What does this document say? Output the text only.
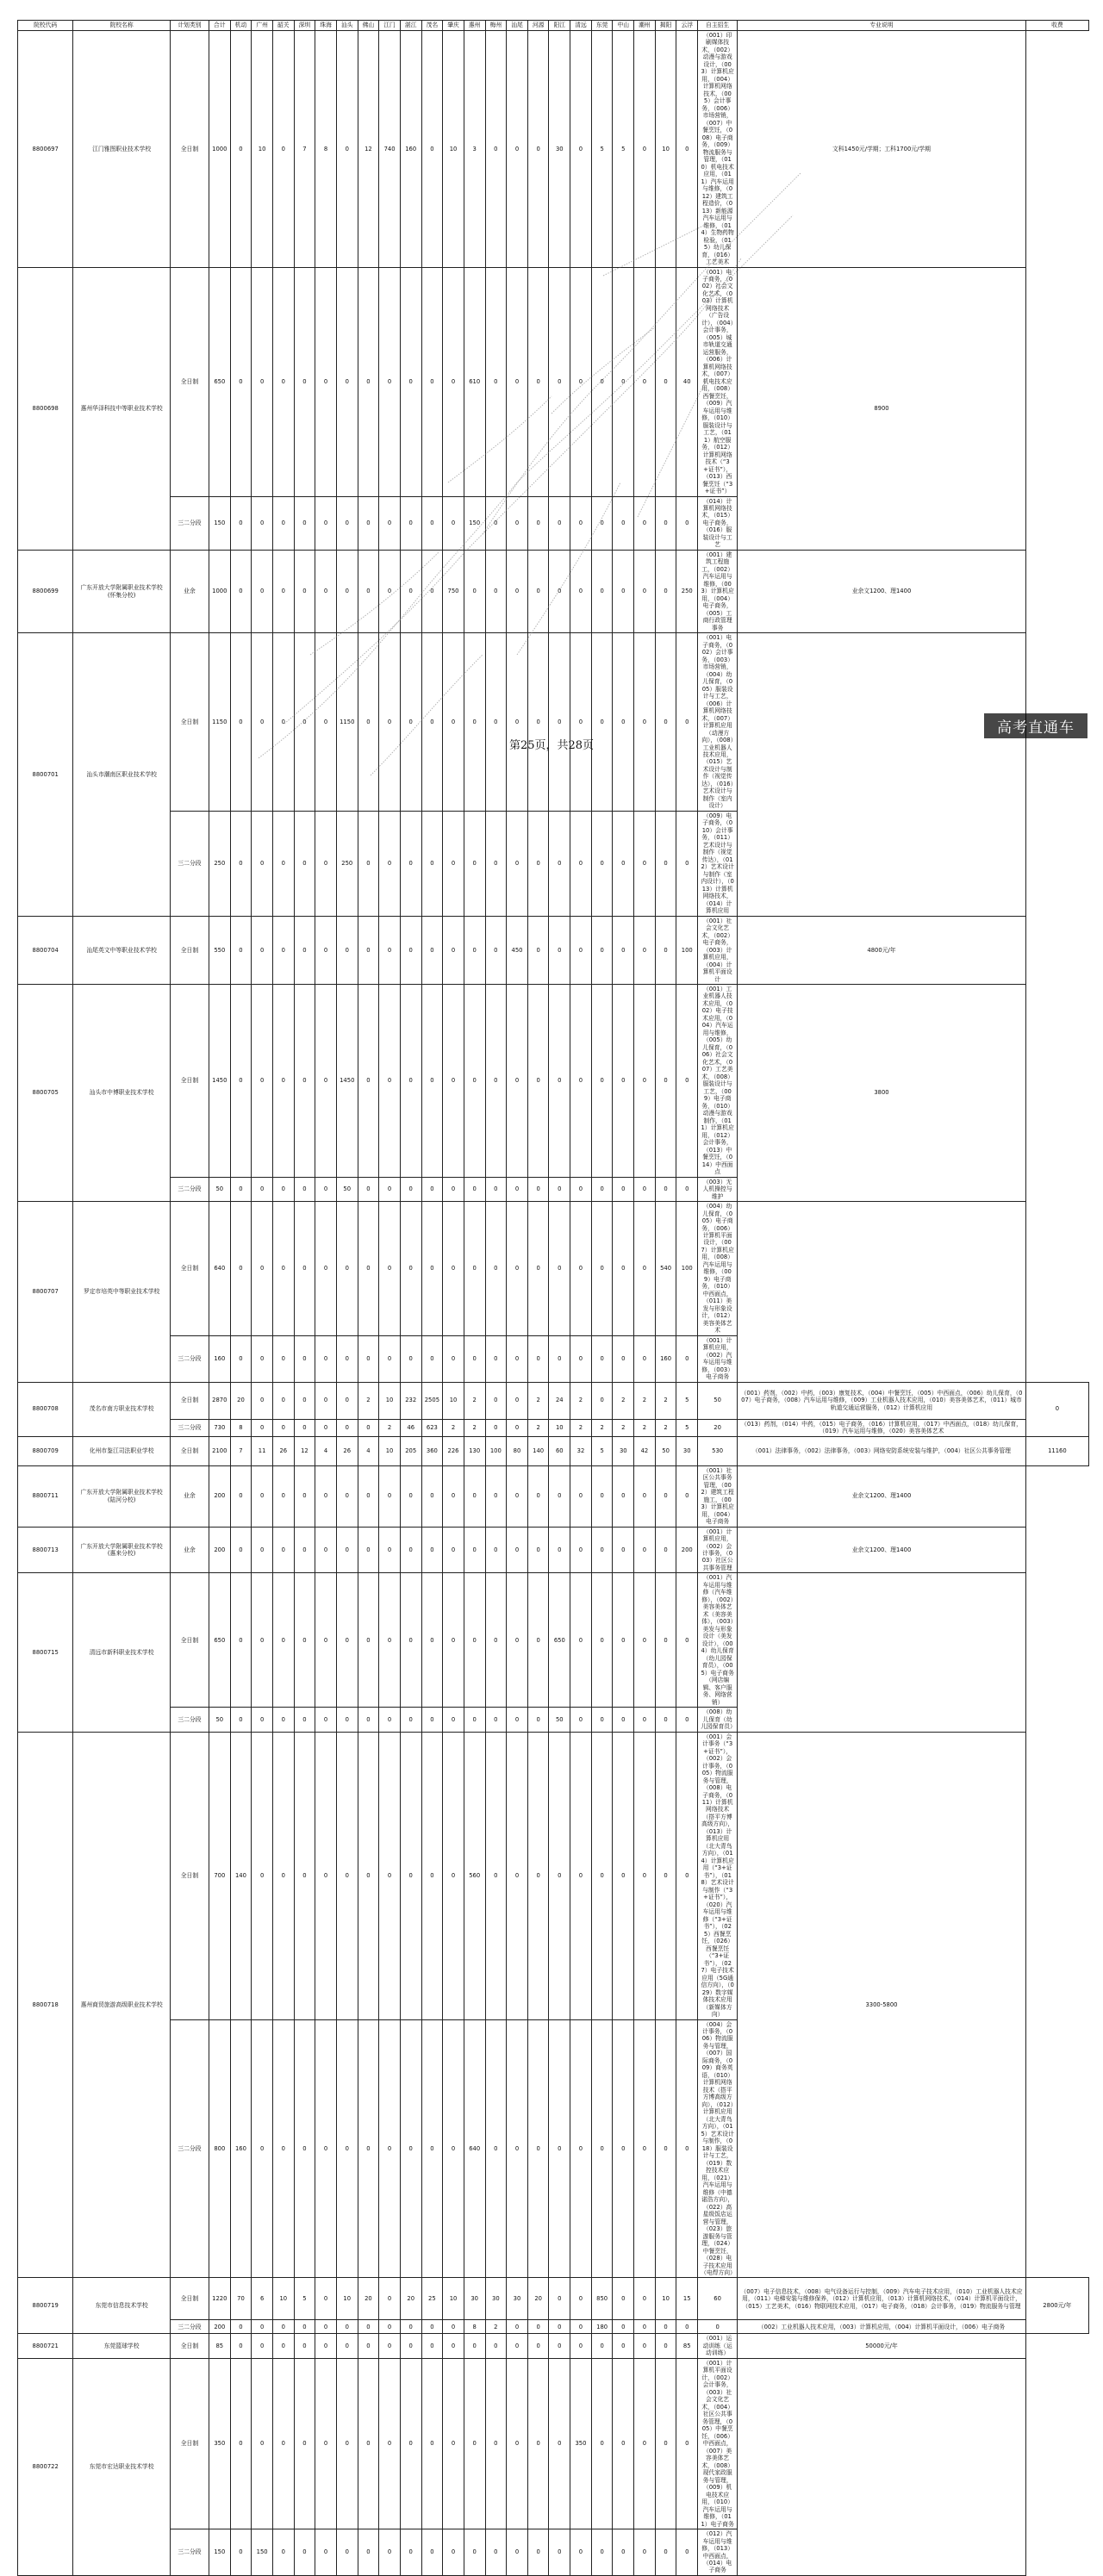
院校代码	院校名称	计划类别	合计	机动	广州	韶关	深圳	珠海	汕头	佛山	江门	湛江	茂名	肇庆	惠州	梅州	汕尾	河源	阳江	清远	东莞	中山	潮州	揭阳	云浮	自主招生	专业说明	收费
8800697	江门雅图职业技术学校	全日制	1000	0	10	0	7	8	0	12	740	160	0	10	3	0	0	0	30	0	5	5	0	10	0	（001）印刷媒体技术，（002）动漫与游戏设计，（003）计算机应用，（004）计算机网络技术，（005）会计事务，（006）市场营销，（007）中餐烹饪，（008）电子商务，（009）物流服务与管理，（010）机电技术应用，（011）汽车运用与维修，（012）建筑工程造价，（013）新能源汽车运用与维修，（014）生物药物检验，（015）幼儿保育，（016）工艺美术	文科1450元/学期；工科1700元/学期	
8800698	惠州华泽科技中等职业技术学校	全日制	650	0	0	0	0	0	0	0	0	0	0	0	610	0	0	0	0	0	0	0	0	0	40	（001）电子商务，（002）社会文化艺术，（003）计算机网络技术（广告设计），（004）会计事务，（005）城市轨道交通运营服务，（006）计算机网络技术，（007）机电技术应用，（008）西餐烹饪，（009）汽车运用与维修，（010）服装设计与工艺，（011）航空服务，（012）计算机网络技术（“3+证书”），（013）西餐烹饪（“3+证书”）	8900	
		三二分段	150	0	0	0	0	0	0	0	0	0	0	0	150	0	0	0	0	0	0	0	0	0	0	（014）计算机网络技术，（015）电子商务，（016）服装设计与工艺		
8800699	广东开放大学附属职业技术学校(怀集分校)	业余	1000	0	0	0	0	0	0	0	0	0	0	750	0	0	0	0	0	0	0	0	0	0	250	（001）建筑工程施工，（002）汽车运用与维修，（003）计算机应用，（004）电子商务，（005）工商行政管理事务	业余文1200、理1400	
8800701	汕头市潮南区职业技术学校	全日制	1150	0	0	0	0	0	1150	0	0	0	0	0	0	0	0	0	0	0	0	0	0	0	0	（001）电子商务，（002）会计事务，（003）市场营销，（004）幼儿保育，（005）服装设计与工艺，（006）计算机网络技术，（007）计算机应用（动漫方向），（008）工业机器人技术应用，（015）艺术设计与制作（视觉传达），（016）艺术设计与制作（室内设计）		
		三二分段	250	0	0	0	0	0	250	0	0	0	0	0	0	0	0	0	0	0	0	0	0	0	0	（009）电子商务，（010）会计事务，（011）艺术设计与制作（视觉传达），（012）艺术设计与制作（室内设计），（013）计算机网络技术，（014）计算机应用		
8800704	汕尾英文中等职业技术学校	全日制	550	0	0	0	0	0	0	0	0	0	0	0	0	0	450	0	0	0	0	0	0	0	100	（001）社会文化艺术，（002）电子商务，（003）计算机应用，（004）计算机平面设计	4800元/年	
8800705	汕头市中博职业技术学校	全日制	1450	0	0	0	0	0	1450	0	0	0	0	0	0	0	0	0	0	0	0	0	0	0	0	（001）工业机器人技术应用，（002）电子技术应用，（004）汽车运用与维修，（005）幼儿保育，（006）社会文化艺术，（007）工艺美术，（008）服装设计与工艺，（009）电子商务，（010）动漫与游戏制作，（011）计算机应用，（012）会计事务，（013）中餐烹饪，（014）中西面点	3800	
		三二分段	50	0	0	0	0	0	50	0	0	0	0	0	0	0	0	0	0	0	0	0	0	0	0	（003）无人机操控与维护		
8800707	罗定市培英中等职业技术学校	全日制	640	0	0	0	0	0	0	0	0	0	0	0	0	0	0	0	0	0	0	0	0	540	100	（004）幼儿保育，（005）电子商务，（006）计算机平面设计，（007）计算机应用，（008）汽车运用与维修，（009）电子商务，（010）中西面点，（011）美发与形象设计，（012）美容美体艺术		
		三二分段	160	0	0	0	0	0	0	0	0	0	0	0	0	0	0	0	0	0	0	0	0	160	0	（001）计算机应用，（002）汽车运用与维修，（003）电子商务		
8800708	茂名市南方职业技术学校	全日制	2870	20	0	0	0	0	0	2	10	232	2505	10	2	0	0	2	24	2	0	2	2	2	5	50	（001）药剂，（002）中药，（003）康复技术，（004）中餐烹饪，（005）中西面点，（006）幼儿保育，（007）电子商务，（008）汽车运用与维修，（009）工业机器人技术应用，（010）美容美体艺术，（011）城市轨道交通运营服务，（012）计算机应用	0
		三二分段	730	8	0	0	0	0	0	0	2	46	623	2	2	0	0	2	10	2	2	2	2	2	5	20	（013）药剂，（014）中药，（015）电子商务，（016）计算机应用，（017）中西面点，（018）幼儿保育，（019）汽车运用与维修，（020）美容美体艺术	
8800709	化州市鉴江司法职业学校	全日制	2100	7	11	26	12	4	26	4	10	205	360	226	130	100	80	140	60	32	5	30	42	50	30	530	（001）法律事务，（002）法律事务，（003）网络安防系统安装与维护，（004）社区公共事务管理	11160
8800711	广东开放大学附属职业技术学校(陆河分校)	业余	200	0	0	0	0	0	0	0	0	0	0	0	0	0	0	0	0	0	0	0	0	0	0	（001）社区公共事务管理，（002）建筑工程施工，（003）计算机应用，（004）电子商务	业余文1200、理1400	
8800713	广东开放大学附属职业技术学校(惠来分校)	业余	200	0	0	0	0	0	0	0	0	0	0	0	0	0	0	0	0	0	0	0	0	0	200	（001）计算机应用，（002）会计事务，（003）社区公共事务管理	业余文1200、理1400	
8800715	清远市新科职业技术学校	全日制	650	0	0	0	0	0	0	0	0	0	0	0	0	0	0	0	650	0	0	0	0	0	0	（001）汽车运用与维修（汽车维修），（002）美容美体艺术（美容美体），（003）美发与形象设计（美发设计），（004）幼儿保育（幼儿园保育员），（005）电子商务（网店编辑、客户服务、网络营销）		
		三二分段	50	0	0	0	0	0	0	0	0	0	0	0	0	0	0	0	50	0	0	0	0	0	0	（008）幼儿保育（幼儿园保育员）		
8800718	惠州商贸旅游高级职业技术学校	全日制	700	140	0	0	0	0	0	0	0	0	0	0	560	0	0	0	0	0	0	0	0	0	0	（001）会计事务（“3+证书”），（002）会计事务，（005）物流服务与管理，（008）电子商务，（011）计算机网络技术（搭平方博高级方向），（013）计算机应用（北大青鸟方向），（014）计算机应用（“3+证书”），（018）艺术设计与制作（“3+证书”），（020）汽车运用与维修（“3+证书”），（025）西餐烹饪，（026）西餐烹饪（“3+证书”），（027）电子技术应用（5G通信方向），（029）数字媒体技术应用（新媒体方向）	3300-5800	
		三二分段	800	160	0	0	0	0	0	0	0	0	0	0	640	0	0	0	0	0	0	0	0	0	0	（004）会计事务，（006）物流服务与管理，（007）国际商务，（009）商务英语，（010）计算机网络技术（搭平方博高级方向），（012）计算机应用（北大青鸟方向），（015）艺术设计与制作，（018）服装设计与工艺，（019）数控技术应用，（021）汽车运用与维修（中德诺浩方向），（022）高星级饭店运营与管理，（023）旅游服务与管理，（024）中餐烹饪，（028）电子技术应用（电焊方向）		
8800719	东莞市信息技术学校	全日制	1220	70	6	10	5	0	10	20	0	20	25	10	30	30	30	20	0	0	850	0	0	10	15	60	（007）电子信息技术，（008）电气设备运行与控制，（009）汽车电子技术应用，（010）工业机器人技术应用，（011）电梯安装与维修保养，（012）计算机应用，（013）计算机网络技术，（014）计算机平面设计，（015）工艺美术，（016）物联网技术应用，（017）电子商务，（018）会计事务，（019）物流服务与管理	2800元/年
		三二分段	200	0	0	0	0	0	0	0	0	0	0	0	8	2	0	0	0	0	180	0	0	0	0	0	（002）工业机器人技术应用，（003）计算机应用，（004）计算机平面设计，（006）电子商务	
8800721	东莞篮球学校	全日制	85	0	0	0	0	0	0	0	0	0	0	0	0	0	0	0	0	0	0	0	0	0	85	（001）运动训练（运动训练）	50000元/年	
8800722	东莞市宏达职业技术学校	全日制	350	0	0	0	0	0	0	0	0	0	0	0	0	0	0	0	0	350	0	0	0	0	0	（001）计算机平面设计，（002）会计事务，（003）社会文化艺术，（004）社区公共事务管理，（005）中餐烹饪，（006）中西面点，（007）美容美体艺术，（008）现代家政服务与管理，（009）机电技术应用，（010）汽车运用与维修，（011）电子商务		
		三二分段	150	0	150	0	0	0	0	0	0	0	0	0	0	0	0	0	0	0	0	0	0	0	0	（012）汽车运用与维修，（013）中西面点，（014）电子商务		
第25页，共28页
高考直通车
